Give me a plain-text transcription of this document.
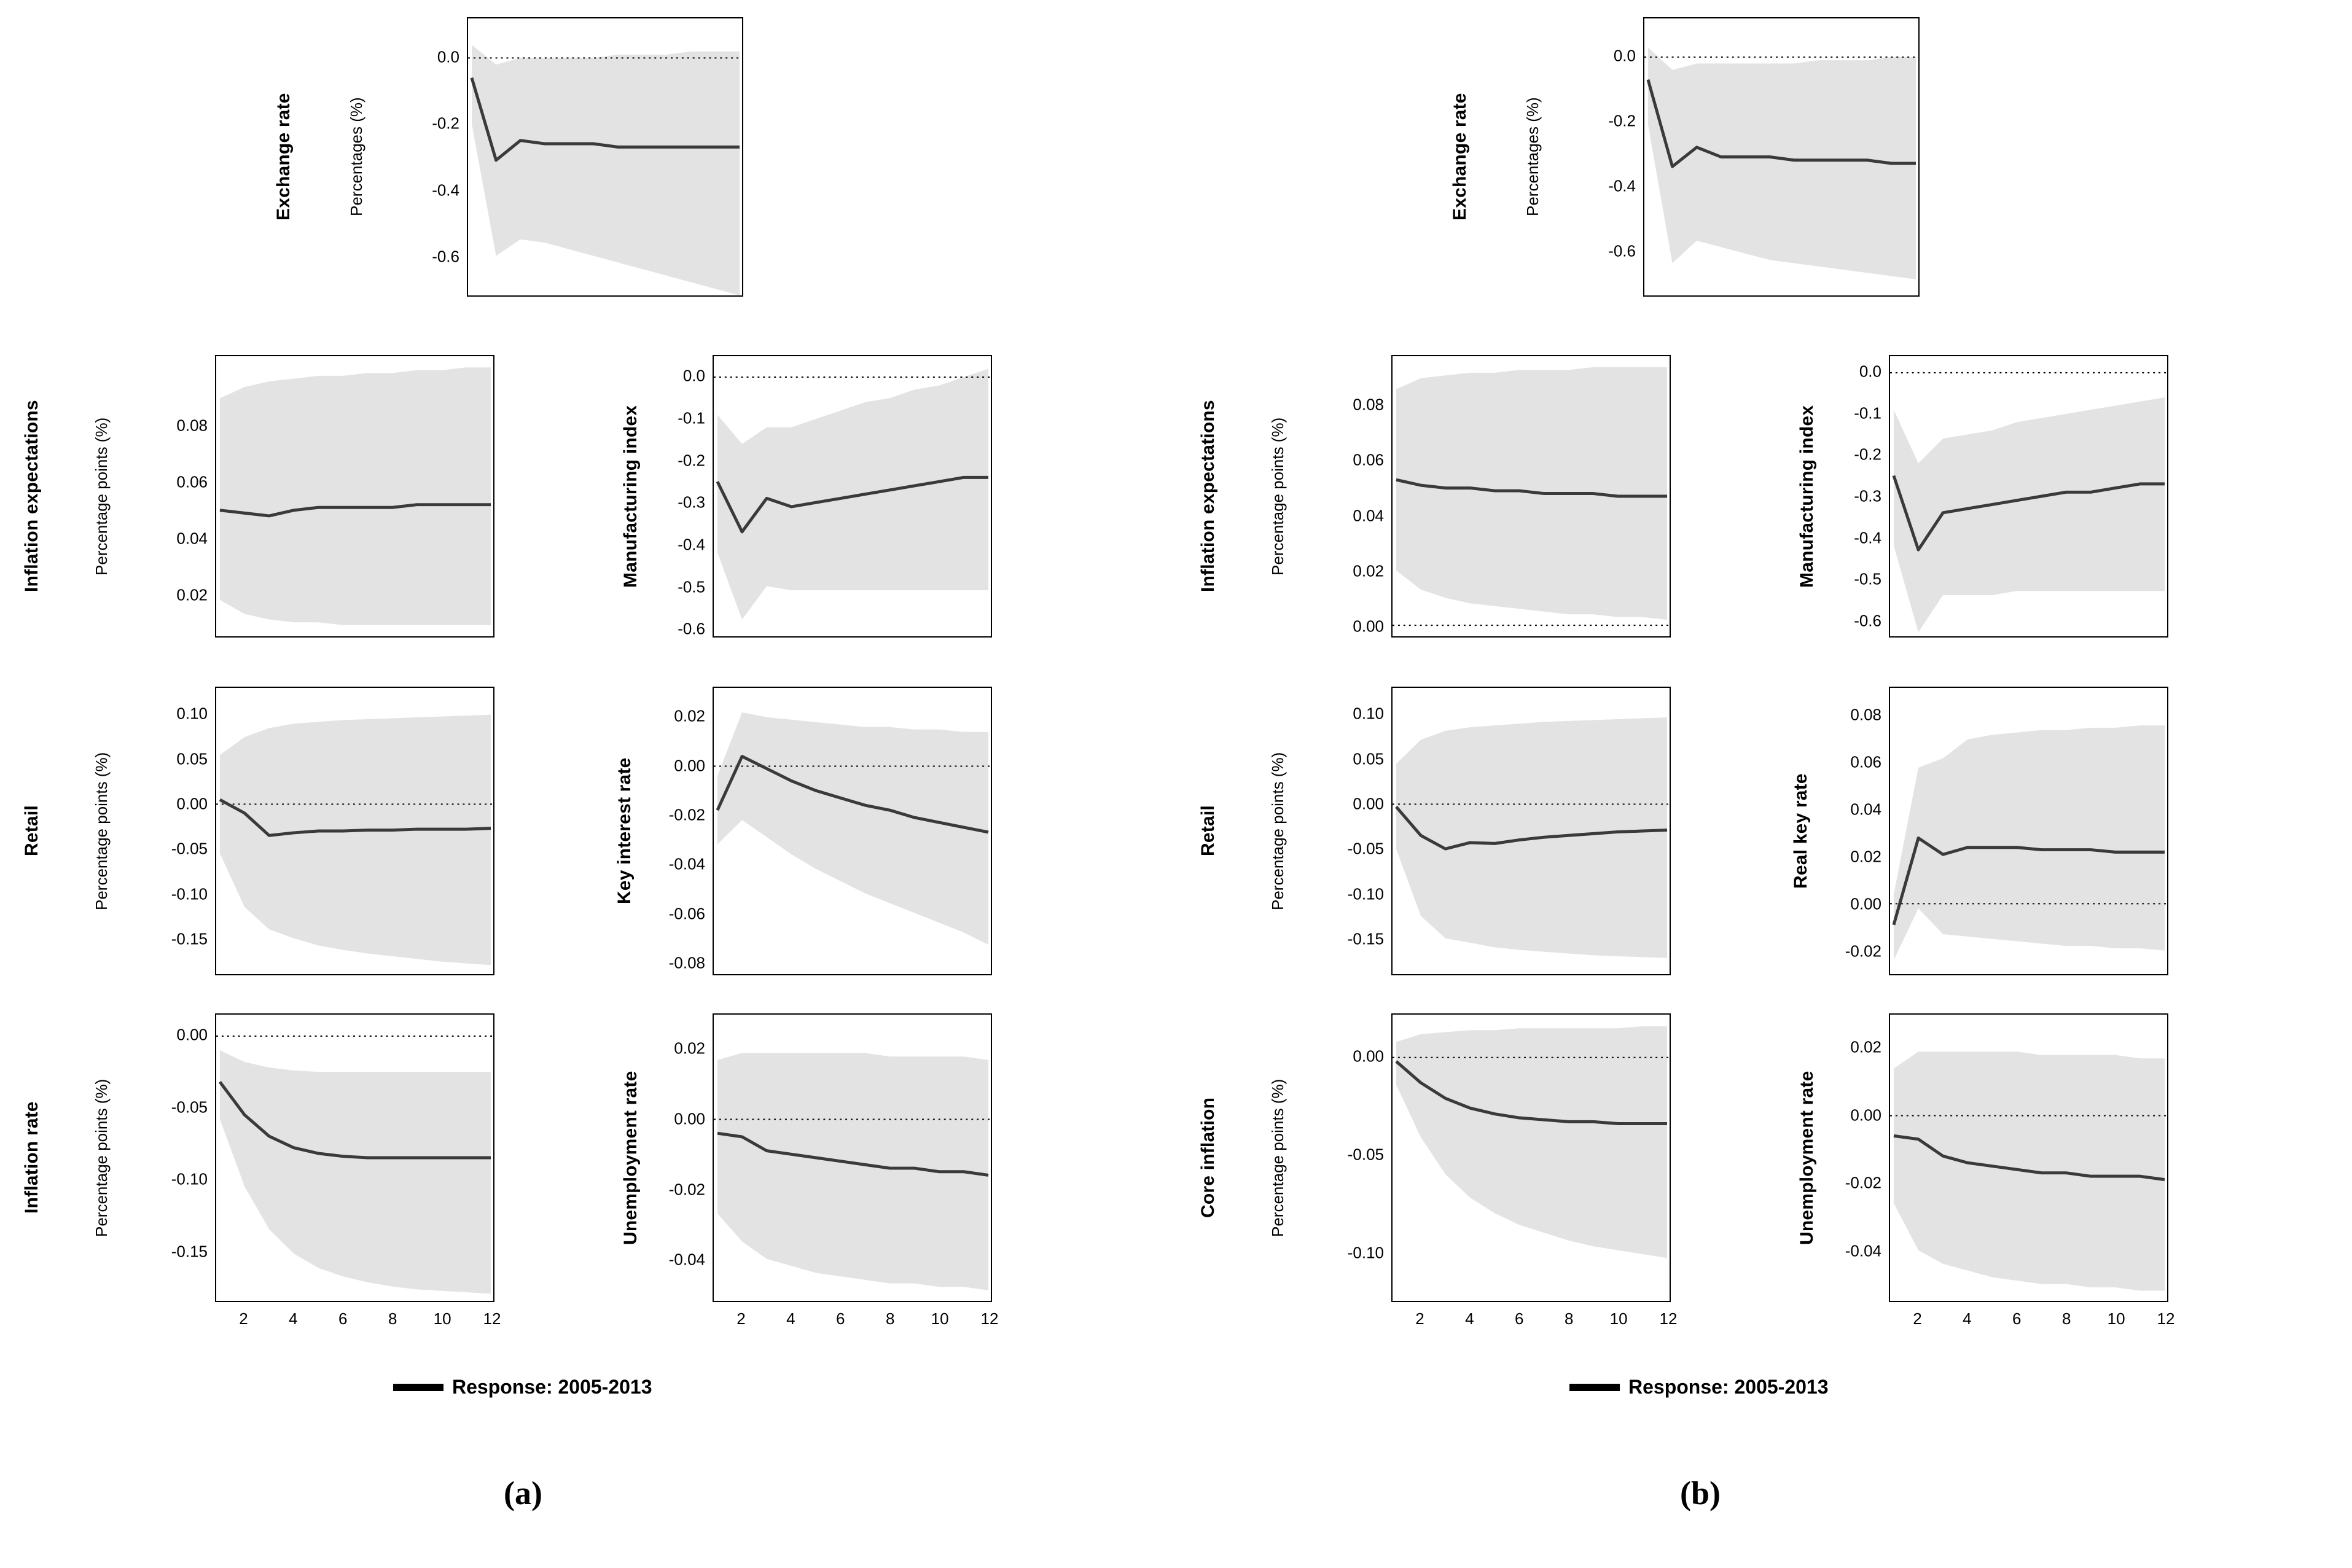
Exchange rate	Percentages (%)
0.0
-0.2
-0.4
-0.6
Inflation expectations	Percentage points (%)	0.08
0.06
0.04
0.02
Manufacturing index
0.0
-0.1
-0.2
-0.3
-0.4
-0.5
-0.6
Retail	Percentage points (%)
0.10
0.05
0.00
-0.05
-0.10
-0.15
Key interest rate
0.02
0.00
-0.02
-0.04
-0.06
-0.08
Inflation rate	Percentage points (%)
0.00
-0.05
-0.10
-0.15
2	4	6	8 10 12
Unemployment rate
0.02
0.00
-0.02
-0.04
2	4	6	8 10 12
Response: 2005-2013
(a)
Exchange rate	Percentages (%)
0.0
-0.2
-0.4
-0.6
Inflation expectations	Percentage points (%)
0.08
0.06
0.04
0.02
0.00
Manufacturing index
0.0
-0.1
-0.2
-0.3
-0.4
-0.5
-0.6
Retail	Percentage points (%)
0.10
0.05
0.00
-0.05
-0.10
-0.15
Real key rate
0.08
0.06
0.04
0.02
0.00
-0.02
Core inflation	Percentage points (%)
0.00
-0.05
-0.10
2	4	6	8 10 12
Unemployment rate
0.02
0.00
-0.02
-0.04
2	4	6	8 10 12
Response: 2005-2013
(b)
